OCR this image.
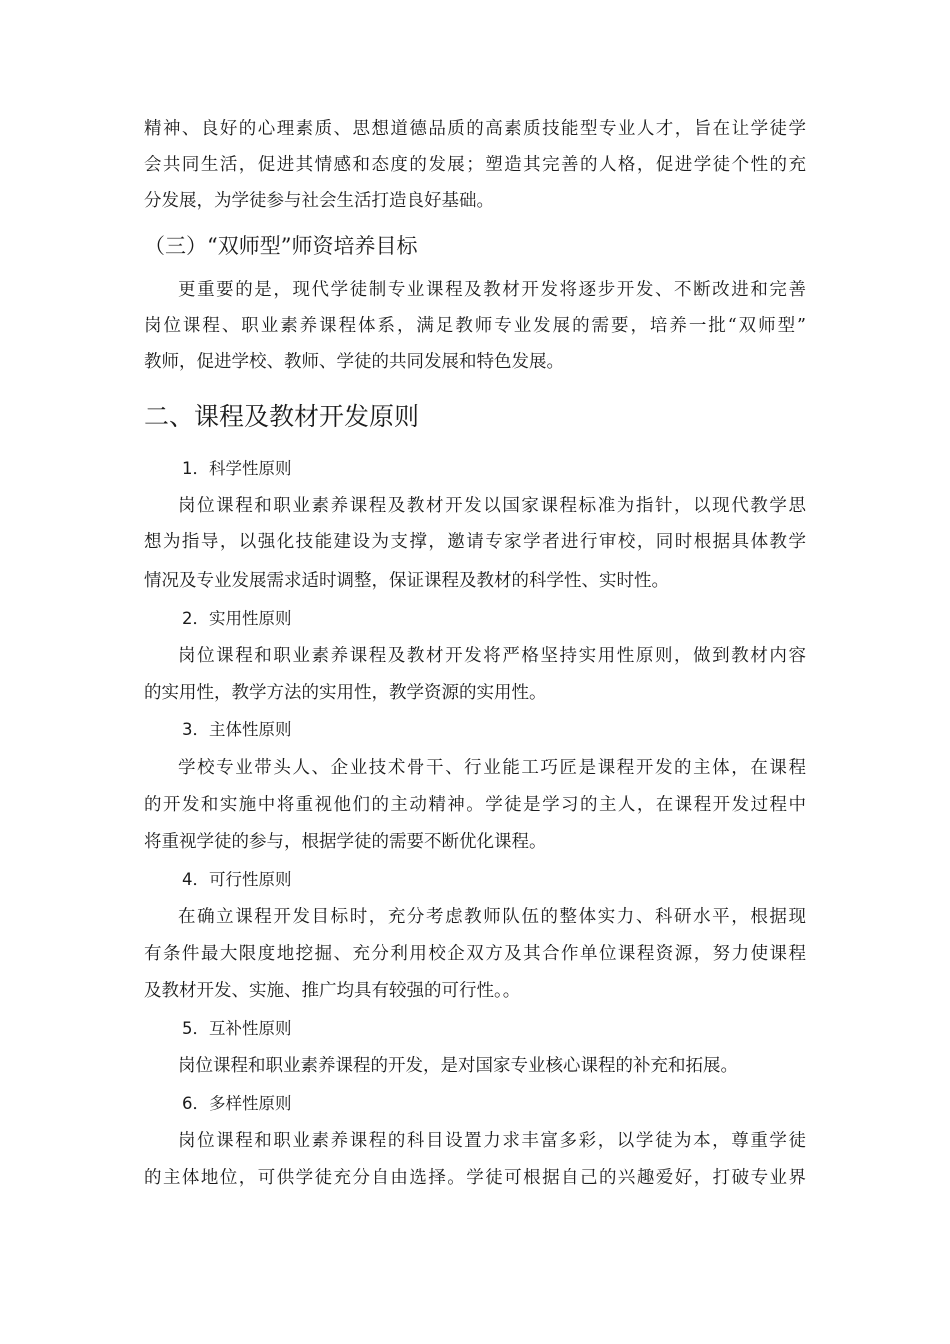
精神、良好的心理素质、思想道德品质的高素质技能型专业人才，旨在让学徒学
会共同生活，促进其情感和态度的发展；塑造其完善的人格，促进学徒个性的充
分发展，为学徒参与社会生活打造良好基础。
（三）“双师型”师资培养目标
更重要的是，现代学徒制专业课程及教材开发将逐步开发、不断改进和完善
岗位课程、职业素养课程体系，满足教师专业发展的需要，培养一批“双师型”
教师，促进学校、教师、学徒的共同发展和特色发展。
二、课程及教材开发原则
1．科学性原则
岗位课程和职业素养课程及教材开发以国家课程标准为指针，以现代教学思
想为指导，以强化技能建设为支撑，邀请专家学者进行审校，同时根据具体教学
情况及专业发展需求适时调整，保证课程及教材的科学性、实时性。
2．实用性原则
岗位课程和职业素养课程及教材开发将严格坚持实用性原则，做到教材内容
的实用性，教学方法的实用性，教学资源的实用性。
3．主体性原则
学校专业带头人、企业技术骨干、行业能工巧匠是课程开发的主体，在课程
的开发和实施中将重视他们的主动精神。学徒是学习的主人，在课程开发过程中
将重视学徒的参与，根据学徒的需要不断优化课程。
4．可行性原则
在确立课程开发目标时，充分考虑教师队伍的整体实力、科研水平，根据现
有条件最大限度地挖掘、充分利用校企双方及其合作单位课程资源，努力使课程
及教材开发、实施、推广均具有较强的可行性。。
5．互补性原则
岗位课程和职业素养课程的开发，是对国家专业核心课程的补充和拓展。
6．多样性原则
岗位课程和职业素养课程的科目设置力求丰富多彩，以学徒为本，尊重学徒
的主体地位，可供学徒充分自由选择。学徒可根据自己的兴趣爱好，打破专业界
